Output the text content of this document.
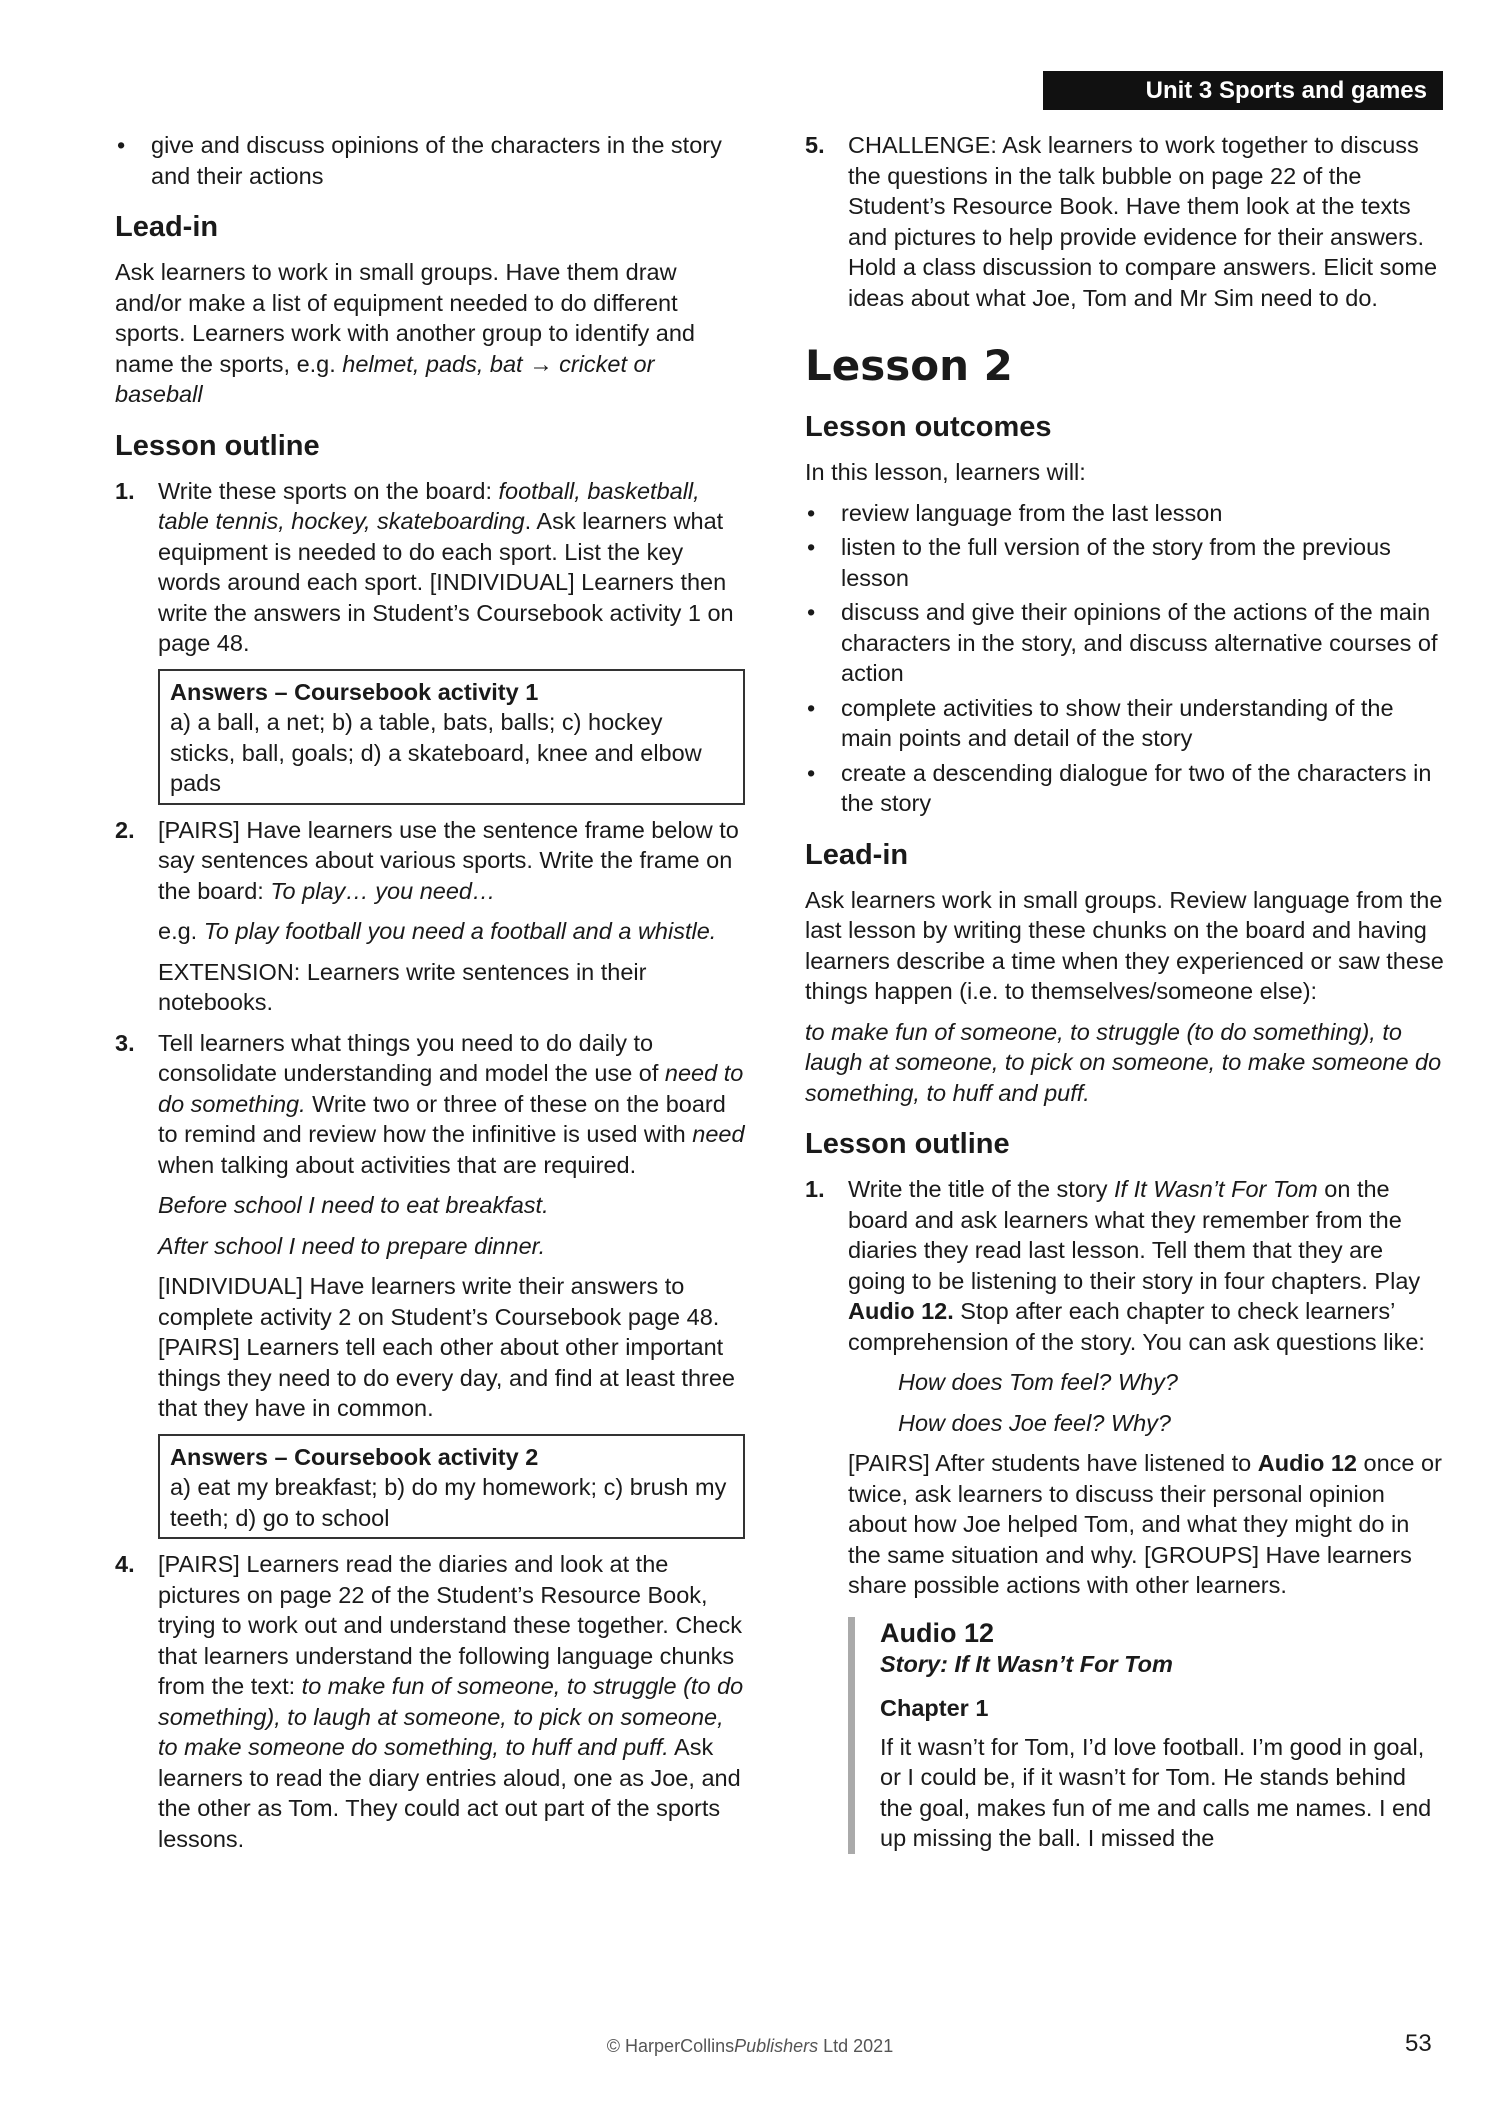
Unit 3 Sports and games
• give and discuss opinions of the characters in the story and their actions
Lead-in

Ask learners to work in small groups. Have them draw and/or make a list of equipment needed to do different sports. Learners work with another group to identify and name the sports, e.g. helmet, pads, bat → cricket or baseball

Lesson outline
1. Write these sports on the board: football, basketball, table tennis, hockey, skateboarding. Ask learners what equipment is needed to do each sport. List the key words around each sport. [INDIVIDUAL] Learners then write the answers in Student’s Coursebook activity 1 on page 48.

Answers – Coursebook activity 1
a) a ball, a net; b) a table, bats, balls; c) hockey sticks, ball, goals; d) a skateboard, knee and elbow pads
2. [PAIRS] Have learners use the sentence frame below to say sentences about various sports. Write the frame on the board: To play… you need…

e.g. To play football you need a football and a whistle.

EXTENSION: Learners write sentences in their notebooks.

3. Tell learners what things you need to do daily to consolidate understanding and model the use of need to do something. Write two or three of these on the board to remind and review how the infinitive is used with need when talking about activities that are required.

Before school I need to eat breakfast.

After school I need to prepare dinner.

[INDIVIDUAL] Have learners write their answers to complete activity 2 on Student’s Coursebook page 48. [PAIRS] Learners tell each other about other important things they need to do every day, and find at least three that they have in common.

Answers – Coursebook activity 2
a) eat my breakfast; b) do my homework; c) brush my teeth; d) go to school
4. [PAIRS] Learners read the diaries and look at the pictures on page 22 of the Student’s Resource Book, trying to work out and understand these together. Check that learners understand the following language chunks from the text: to make fun of someone, to struggle (to do something), to laugh at someone, to pick on someone, to make someone do something, to huff and puff. Ask learners to read the diary entries aloud, one as Joe, and the other as Tom. They could act out part of the sports lessons.

5. CHALLENGE: Ask learners to work together to discuss the questions in the talk bubble on page 22 of the Student’s Resource Book. Have them look at the texts and pictures to help provide evidence for their answers. Hold a class discussion to compare answers. Elicit some ideas about what Joe, Tom and Mr Sim need to do.

Lesson 2
Lesson outcomes

In this lesson, learners will:

• review language from the last lesson
• listen to the full version of the story from the previous lesson
• discuss and give their opinions of the actions of the main characters in the story, and discuss alternative courses of action
• complete activities to show their understanding of the main points and detail of the story
• create a descending dialogue for two of the characters in the story
Lead-in

Ask learners work in small groups. Review language from the last lesson by writing these chunks on the board and having learners describe a time when they experienced or saw these things happen (i.e. to themselves/someone else):

to make fun of someone, to struggle (to do something), to laugh at someone, to pick on someone, to make someone do something, to huff and puff.

Lesson outline
1. Write the title of the story If It Wasn’t For Tom on the board and ask learners what they remember from the diaries they read last lesson. Tell them that they are going to be listening to their story in four chapters. Play Audio 12. Stop after each chapter to check learners’ comprehension of the story. You can ask questions like:

How does Tom feel? Why?

How does Joe feel? Why?

[PAIRS] After students have listened to Audio 12 once or twice, ask learners to discuss their personal opinion about how Joe helped Tom, and what they might do in the same situation and why. [GROUPS] Have learners share possible actions with other learners.

Audio 12
Story: If It Wasn’t For Tom
Chapter 1

If it wasn’t for Tom, I’d love football. I’m good in goal, or I could be, if it wasn’t for Tom. He stands behind the goal, makes fun of me and calls me names. I end up missing the ball. I missed the

© HarperCollinsPublishers Ltd 2021	53
